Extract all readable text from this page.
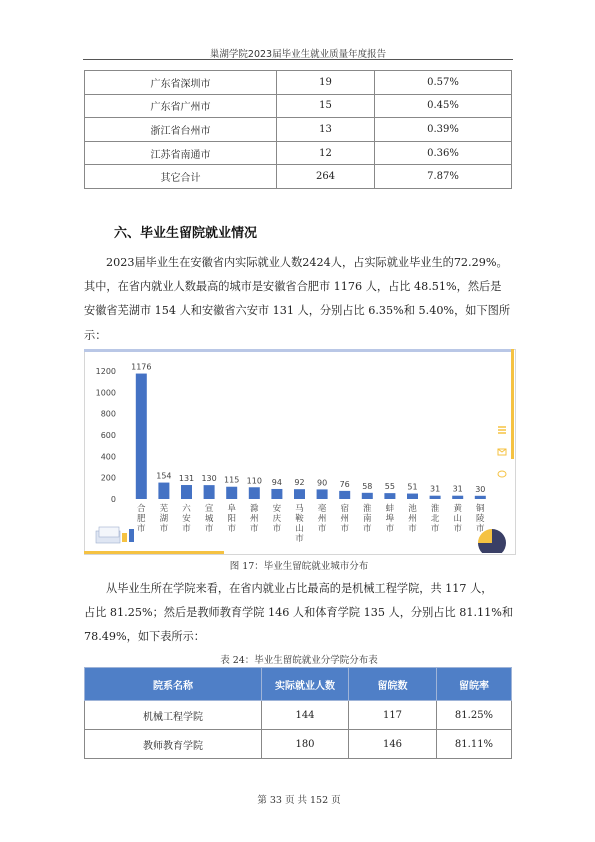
巢湖学院2023届毕业生就业质量年度报告
广东省深圳市	19	0.57%
广东省广州市	15	0.45%
浙江省台州市	13	0.39%
江苏省南通市	12	0.36%
其它合计	264	7.87%
六、毕业生留院就业情况

2023届毕业生在安徽省内实际就业人数2424人，占实际就业毕业生的72.29%。

其中，在省内就业人数最高的城市是安徽省合肥市 1176 人，占比 48.51%，然后是

安徽省芜湖市 154 人和安徽省六安市 131 人，分别占比 6.35%和 5.40%，如下图所

示：

0
200
400
600
800
1000
1200
合肥市
芜湖市
六安市
宣城市
阜阳市
滁州市
安庆市
马鞍山市
亳州市
宿州市
淮南市
蚌埠市
池州市
淮北市
黄山市
铜陵市
1176
154 131 130 115 110 94 92 90 76 58 55 51 31 31 30
图 17：毕业生留皖就业城市分布

从毕业生所在学院来看，在省内就业占比最高的是机械工程学院，共 117 人，

占比 81.25%；然后是教师教育学院 146 人和体育学院 135 人，分别占比 81.11%和

78.49%，如下表所示：

表 24：毕业生留皖就业分学院分布表
院系名称	实际就业人数	留皖数	留皖率
机械工程学院	144	117	81.25%
教师教育学院	180	146	81.11%
第 33 页 共 152 页
